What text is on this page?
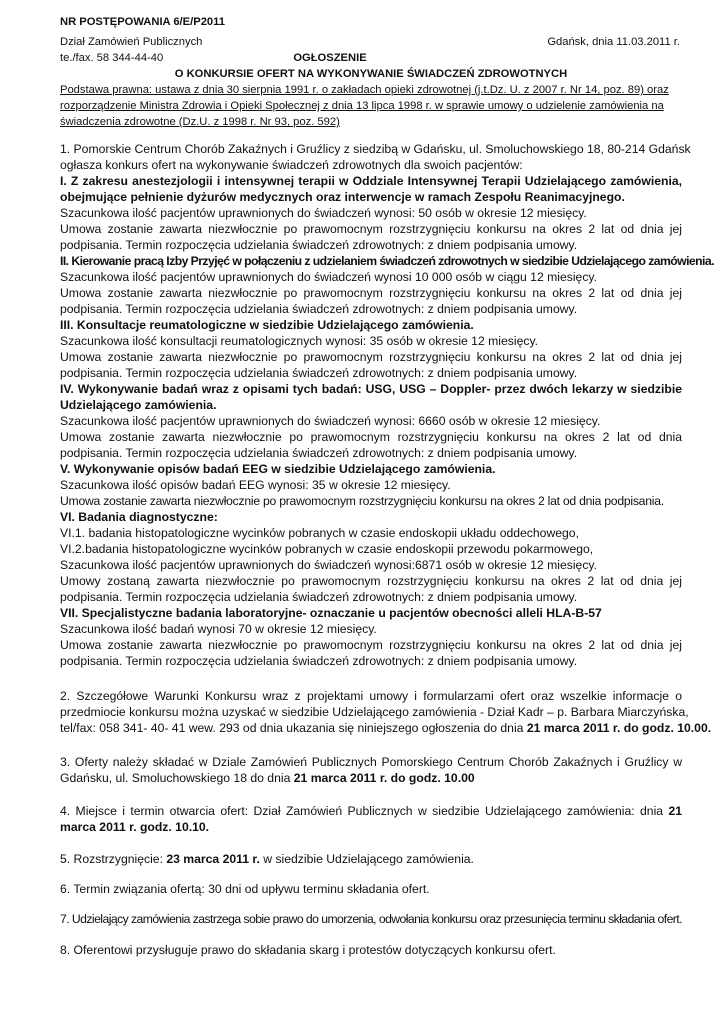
NR POSTĘPOWANIA 6/E/P2011
Dział Zamówień Publicznych	Gdańsk, dnia 11.03.2011 r.
te./fax. 58 344-44-40	OGŁOSZENIE
O KONKURSIE OFERT NA WYKONYWANIE ŚWIADCZEŃ ZDROWOTNYCH
Podstawa prawna: ustawa z dnia 30 sierpnia 1991 r. o zakładach opieki zdrowotnej (j.t.Dz. U. z 2007 r. Nr 14, poz. 89) oraz
rozporządzenie Ministra Zdrowia i Opieki Społecznej z dnia 13 lipca 1998 r. w sprawie umowy o udzielenie zamówienia na
świadczenia zdrowotne (Dz.U. z 1998 r. Nr 93, poz. 592)
1. Pomorskie Centrum Chorób Zakaźnych i Gruźlicy z siedzibą w Gdańsku, ul. Smoluchowskiego 18, 80-214 Gdańsk
ogłasza konkurs ofert na wykonywanie świadczeń zdrowotnych dla swoich pacjentów:
I. Z zakresu anestezjologii i intensywnej terapii w Oddziale Intensywnej Terapii Udzielającego zamówienia,
obejmujące pełnienie dyżurów medycznych oraz interwencje w ramach Zespołu Reanimacyjnego.
Szacunkowa ilość pacjentów uprawnionych do świadczeń wynosi: 50 osób w okresie 12 miesięcy.
Umowa zostanie zawarta niezwłocznie po prawomocnym rozstrzygnięciu konkursu na okres 2 lat od dnia jej
podpisania. Termin rozpoczęcia udzielania świadczeń zdrowotnych: z dniem podpisania umowy.
II. Kierowanie pracą Izby Przyjęć w połączeniu z udzielaniem świadczeń zdrowotnych w siedzibie Udzielającego zamówienia.
Szacunkowa ilość pacjentów uprawnionych do świadczeń wynosi 10 000 osób w ciągu 12 miesięcy.
Umowa zostanie zawarta niezwłocznie po prawomocnym rozstrzygnięciu konkursu na okres 2 lat od dnia jej
podpisania. Termin rozpoczęcia udzielania świadczeń zdrowotnych: z dniem podpisania umowy.
III. Konsultacje reumatologiczne w siedzibie Udzielającego zamówienia.
Szacunkowa ilość konsultacji reumatologicznych wynosi: 35 osób w okresie 12 miesięcy.
Umowa zostanie zawarta niezwłocznie po prawomocnym rozstrzygnięciu konkursu na okres 2 lat od dnia jej
podpisania. Termin rozpoczęcia udzielania świadczeń zdrowotnych: z dniem podpisania umowy.
IV. Wykonywanie badań wraz z opisami tych badań: USG, USG – Doppler- przez dwóch lekarzy w siedzibie
Udzielającego zamówienia.
Szacunkowa ilość pacjentów uprawnionych do świadczeń wynosi: 6660 osób w okresie 12 miesięcy.
Umowa zostanie zawarta niezwłocznie po prawomocnym rozstrzygnięciu konkursu na okres 2 lat od dnia
podpisania. Termin rozpoczęcia udzielania świadczeń zdrowotnych: z dniem podpisania umowy.
V. Wykonywanie opisów badań EEG w siedzibie Udzielającego zamówienia.
Szacunkowa ilość opisów badań EEG wynosi: 35 w okresie 12 miesięcy.
Umowa zostanie zawarta niezwłocznie po prawomocnym rozstrzygnięciu konkursu na okres 2 lat od dnia podpisania.
VI. Badania diagnostyczne:
VI.1. badania histopatologiczne wycinków pobranych w czasie endoskopii układu oddechowego,
VI.2.badania histopatologiczne wycinków pobranych w czasie endoskopii przewodu pokarmowego,
Szacunkowa ilość pacjentów uprawnionych do świadczeń wynosi:6871 osób w okresie 12 miesięcy.
Umowy zostaną zawarta niezwłocznie po prawomocnym rozstrzygnięciu konkursu na okres 2 lat od dnia jej
podpisania. Termin rozpoczęcia udzielania świadczeń zdrowotnych: z dniem podpisania umowy.
VII. Specjalistyczne badania laboratoryjne- oznaczanie u pacjentów obecności alleli HLA-B-57
Szacunkowa ilość badań wynosi 70 w okresie 12 miesięcy.
Umowa zostanie zawarta niezwłocznie po prawomocnym rozstrzygnięciu konkursu na okres 2 lat od dnia jej
podpisania. Termin rozpoczęcia udzielania świadczeń zdrowotnych: z dniem podpisania umowy.
2. Szczegółowe Warunki Konkursu wraz z projektami umowy i formularzami ofert oraz wszelkie informacje o
przedmiocie konkursu można uzyskać w siedzibie Udzielającego zamówienia - Dział Kadr – p. Barbara Miarczyńska,
tel/fax: 058 341- 40- 41 wew. 293 od dnia ukazania się niniejszego ogłoszenia do dnia 21 marca 2011 r. do godz. 10.00.
3. Oferty należy składać w Dziale Zamówień Publicznych Pomorskiego Centrum Chorób Zakaźnych i Gruźlicy w
Gdańsku, ul. Smoluchowskiego 18 do dnia 21 marca 2011 r. do godz. 10.00
4. Miejsce i termin otwarcia ofert: Dział Zamówień Publicznych w siedzibie Udzielającego zamówienia: dnia 21
marca 2011 r. godz. 10.10.
5. Rozstrzygnięcie: 23 marca 2011 r. w siedzibie Udzielającego zamówienia.
6. Termin związania ofertą: 30 dni od upływu terminu składania ofert.
7. Udzielający zamówienia zastrzega sobie prawo do umorzenia, odwołania konkursu oraz przesunięcia terminu składania ofert.
8. Oferentowi przysługuje prawo do składania skarg i protestów dotyczących konkursu ofert.
